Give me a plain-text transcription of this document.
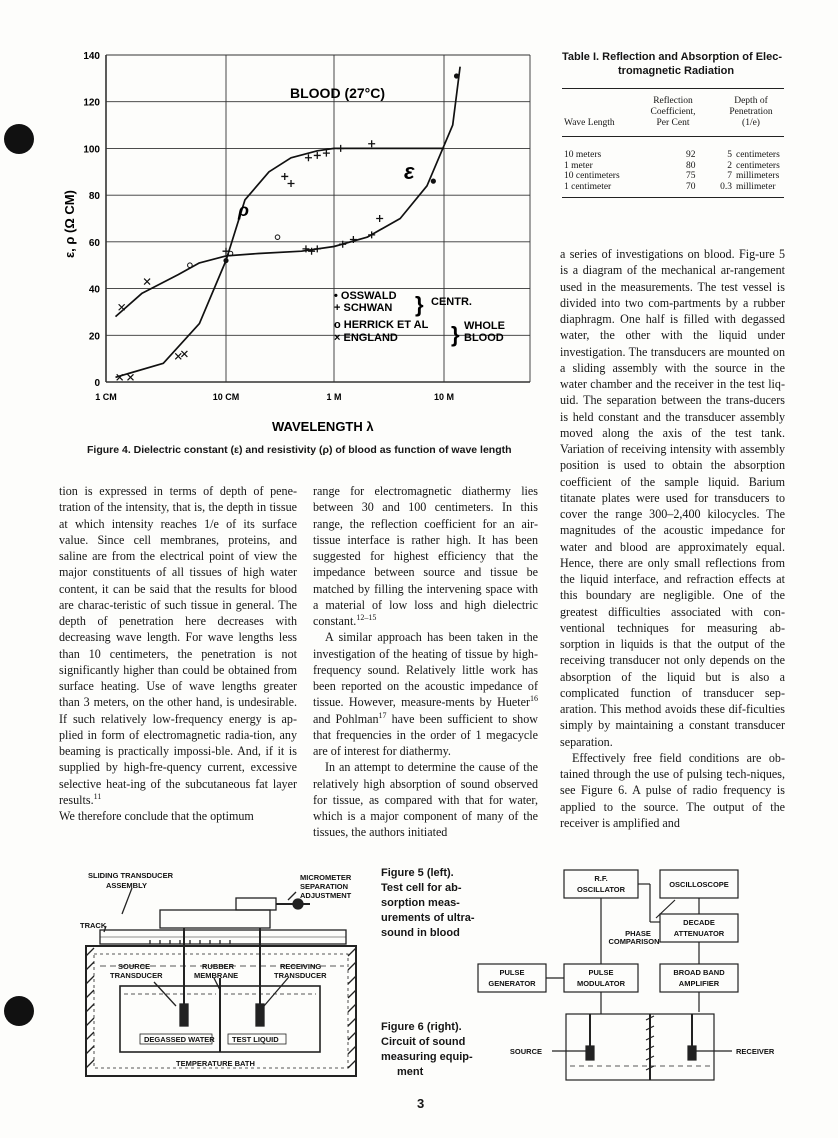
0
20
40
60
80
100
120
140
1 CM	10 CM	1 M	10 M
BLOOD (27°C)
ρ
ε
• OSSWALD
+ SCHWAN } CENTR.
o HERRICK ET AL
× ENGLAND } WHOLE
BLOOD
WAVELENGTH λ
ε, ρ (Ω CM)
Figure 4. Dielectric constant (ε) and resistivity (ρ) of blood as function of wave length
Table I. Reflection and Absorption of Elec-
tromagnetic Radiation
Wave Length
Reflection
Coefficient,
Per Cent
Depth of
Penetration
(1/e)
10 meters	92	5 centimeters
1 meter	80	2 centimeters
10 centimeters	75	7 millimeters
1 centimeter	70	0.3 millimeter

tion is expressed in terms of depth of pene-tration of the intensity, that is, the depth in tissue at which intensity reaches 1/e of its surface value. Since cell membranes, proteins, and saline are from the electrical point of view the major constituents of all tissues of high water content, it can be said that the results for blood are charac-teristic of such tissue in general. The depth of penetration here decreases with decreasing wave length. For wave lengths less than 10 centimeters, the penetration is not significantly higher than could be obtained from surface heating. Use of wave lengths greater than 3 meters, on the other hand, is undesirable. If such relatively low-frequency energy is ap-plied in form of electromagnetic radia-tion, any beaming is practically impossi-ble. And, if it is supplied by high-fre-quency current, excessive selective heat-ing of the subcutaneous fat layer results.$^{11}$

We therefore conclude that the optimum

range for electromagnetic diathermy lies between 30 and 100 centimeters. In this range, the reflection coefficient for an air-tissue interface is rather high. It has been suggested for highest efficiency that the impedance between source and tissue be matched by filling the intervening space with a material of low loss and high dielectric constant.$^{12-15}$

A similar approach has been taken in the investigation of the heating of tissue by high-frequency sound. Relatively little work has been reported on the acoustic impedance of tissue. However, measure-ments by Hueter$^{16}$ and Pohlman$^{17}$ have been sufficient to show that frequencies in the order of 1 megacycle are of interest for diathermy.

In an attempt to determine the cause of the relatively high absorption of sound observed for tissue, as compared with that for water, which is a major component of many of the tissues, the authors initiated

a series of investigations on blood. Fig-ure 5 is a diagram of the mechanical ar-rangement used in the measurements. The test vessel is divided into two com-partments by a rubber diaphragm. One half is filled with degassed water, the other with the liquid under investigation. The transducers are mounted on a sliding assembly with the source in the water chamber and the receiver in the test liq-uid. The separation between the trans-ducers is held constant and the transducer assembly moved along the axis of the test tank. Variation of receiving intensity with assembly position is used to obtain the absorption coefficient of the sample liquid. Barium titanate plates were used for transducers to cover the range 300–2,400 kilocycles. The magnitudes of the acoustic impedance for water and blood are approximately equal. Hence, there are only small reflections from the liquid interface, and refraction effects at this boundary are negligible. One of the greatest difficulties associated with con-ventional techniques for measuring ab-sorption in liquids is that the output of the receiving transducer not only depends on the absorption of the liquid but is also a complicated function of transducer sep-aration. This method avoids these dif-ficulties simply by maintaining a constant transducer separation.

Effectively free field conditions are ob-tained through the use of pulsing tech-niques, see Figure 6. A pulse of radio frequency is applied to the source. The output of the receiver is amplified and

SLIDING TRANSDUCER
ASSEMBLY
MICROMETER
SEPARATION
ADJUSTMENT
TRACK
SOURCE
TRANSDUCER
RUBBER
MEMBRANE
RECEIVING
TRANSDUCER
DEGASSED WATER TEST LIQUID
TEMPERATURE BATH
Figure 5 (left).
Test cell for ab-
sorption meas-
urements of ultra-
sound in blood
Figure 6 (right).
Circuit of sound
measuring equip-
ment
R.F.
OSCILLATOR
OSCILLOSCOPE
PHASE
COMPARISON
DECADE
ATTENUATOR
PULSE
GENERATOR
PULSE
MODULATOR
BROAD BAND
AMPLIFIER
SOURCE	RECEIVER
3
